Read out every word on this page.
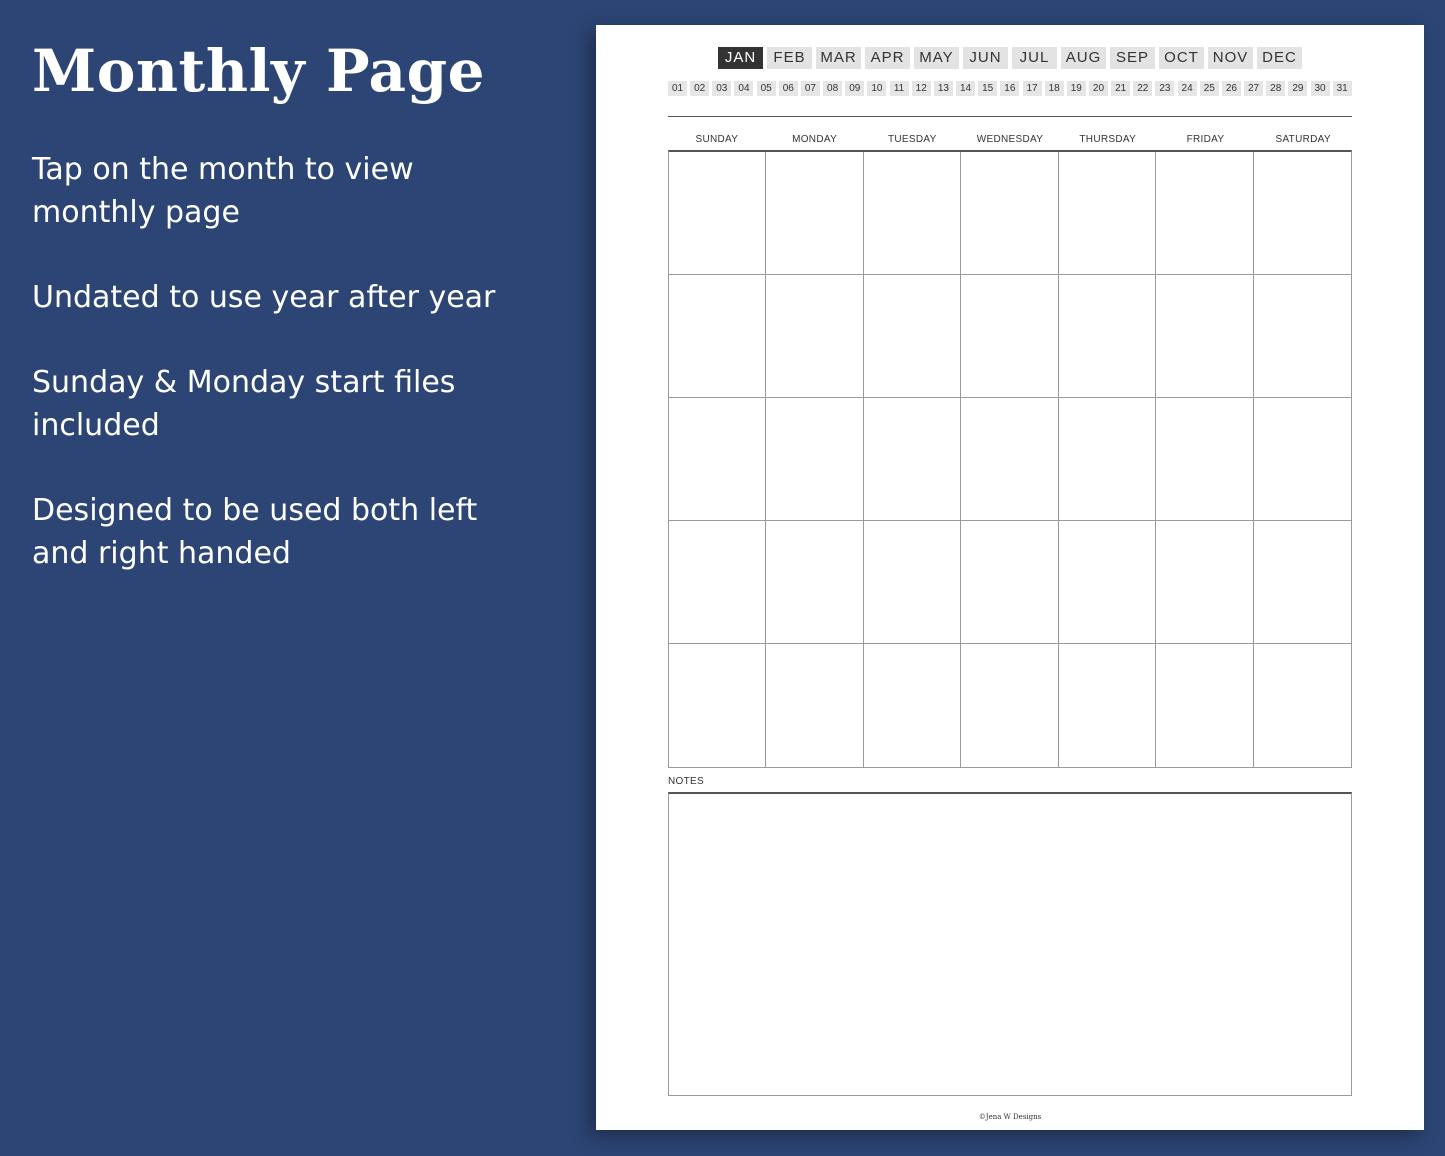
Monthly Page

Tap on the month to view
monthly page

Undated to use year after year

Sunday & Monday start files included

Designed to be used both left
and right handed

JAN	FEB MAR APR MAY	JUN	JUL	AUG SEP	OCT NOV DEC
01	02	03	04	05	06	07	08	09	10	11	12	13	14	15	16	17	18	19	20	21	22	23	24	25	26	27	28	29	30	31
SUNDAY	MONDAY	TUESDAY	WEDNESDAY	THURSDAY	FRIDAY	SATURDAY
NOTES
©Jena W Designs
